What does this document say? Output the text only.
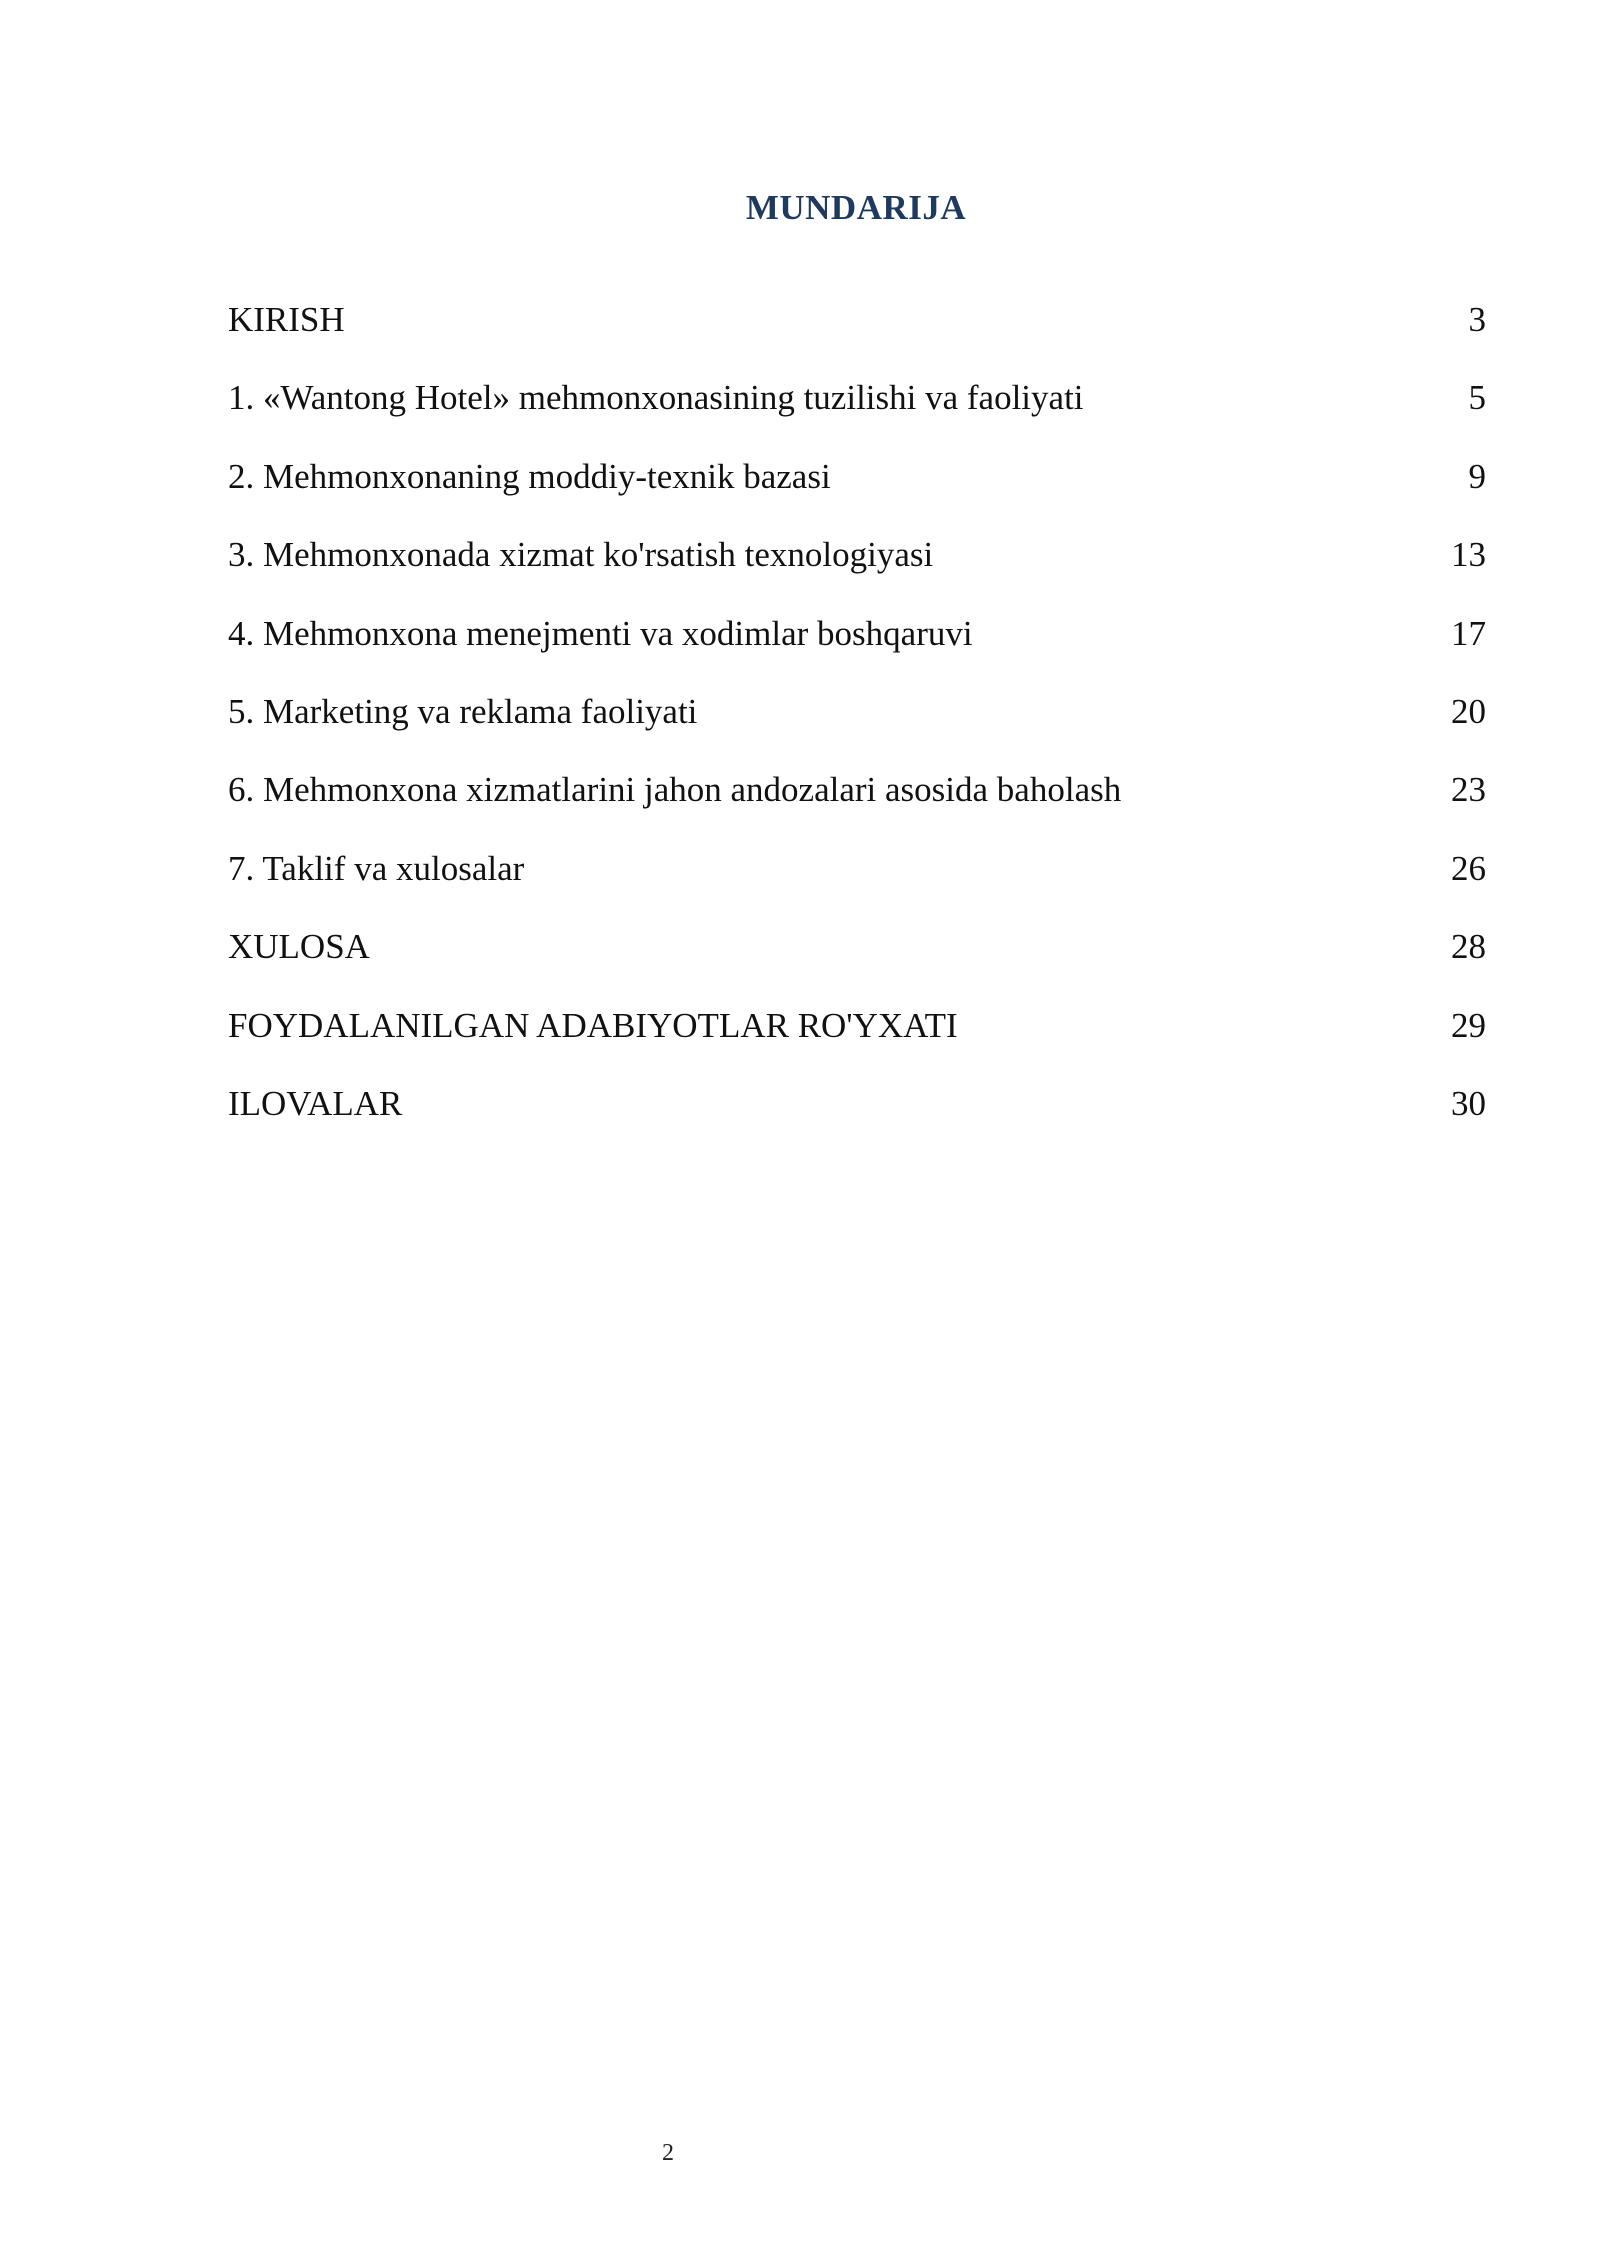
MUNDARIJA
KIRISH	3
1. «Wantong Hotel» mehmonxonasining tuzilishi va faoliyati	5
2. Mehmonxonaning moddiy-texnik bazasi	9
3. Mehmonxonada xizmat ko'rsatish texnologiyasi	13
4. Mehmonxona menejmenti va xodimlar boshqaruvi	17
5. Marketing va reklama faoliyati	20
6. Mehmonxona xizmatlarini jahon andozalari asosida baholash	23
7. Taklif va xulosalar	26
XULOSA	28
FOYDALANILGAN ADABIYOTLAR RO'YXATI	29
ILOVALAR	30
2
